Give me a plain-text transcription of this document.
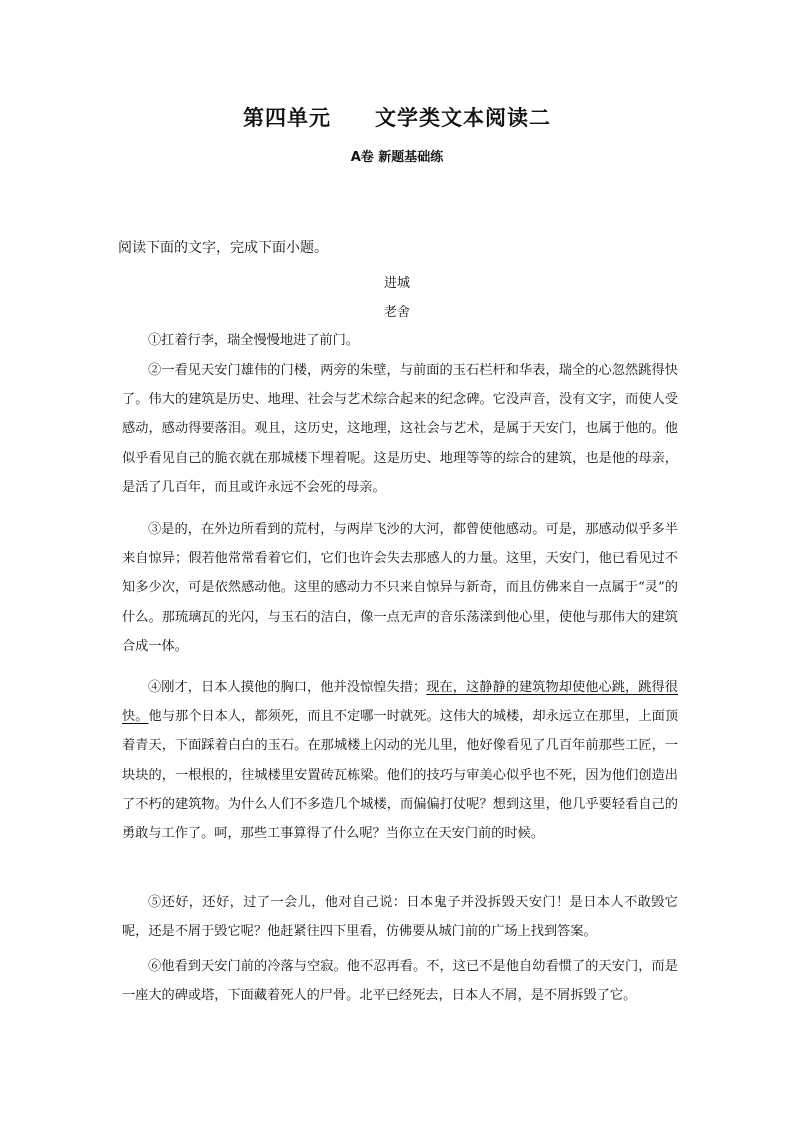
第四单元 文学类文本阅读二
A卷 新题基础练
阅读下面的文字，完成下面小题。
进城
老舍

①扛着行李，瑞全慢慢地进了前门。

②一看见天安门雄伟的门楼，两旁的朱壁，与前面的玉石栏杆和华表，瑞全的心忽然跳得快了。伟大的建筑是历史、地理、社会与艺术综合起来的纪念碑。它没声音，没有文字，而使人受感动，感动得要落泪。观且，这历史，这地理，这社会与艺术，是属于天安门，也属于他的。他似乎看见自己的脆衣就在那城楼下埋着呢。这是历史、地理等等的综合的建筑，也是他的母亲，是活了几百年，而且或许永远不会死的母亲。

③是的，在外边所看到的荒村，与两岸飞沙的大河，都曾使他感动。可是，那感动似乎多半来自惊异；假若他常常看着它们，它们也许会失去那感人的力量。这里，天安门，他已看见过不知多少次，可是依然感动他。这里的感动力不只来自惊异与新奇，而且仿佛来自一点属于“灵”的什么。那琉璃瓦的光闪，与玉石的洁白，像一点无声的音乐荡漾到他心里，使他与那伟大的建筑合成一体。

④刚才，日本人摸他的胸口，他并没惊惶失措；现在，这静静的建筑物却使他心跳，跳得很快。他与那个日本人，都须死，而且不定哪一时就死。这伟大的城楼，却永远立在那里，上面顶着青天，下面踩着白白的玉石。在那城楼上闪动的光儿里，他好像看见了几百年前那些工匠，一块块的，一根根的，往城楼里安置砖瓦栋梁。他们的技巧与审美心似乎也不死，因为他们创造出了不朽的建筑物。为什么人们不多造几个城楼，而偏偏打仗呢？想到这里，他几乎要轻看自己的勇敢与工作了。呵，那些工事算得了什么呢？当你立在天安门前的时候。

⑤还好，还好，过了一会儿，他对自己说：日本鬼子并没拆毁天安门！是日本人不敢毁它呢，还是不屑于毁它呢？他赶紧往四下里看，仿佛要从城门前的广场上找到答案。

⑥他看到天安门前的冷落与空寂。他不忍再看。不，这已不是他自幼看惯了的天安门，而是一座大的碑或塔，下面藏着死人的尸骨。北平已经死去，日本人不屑，是不屑拆毁了它。
